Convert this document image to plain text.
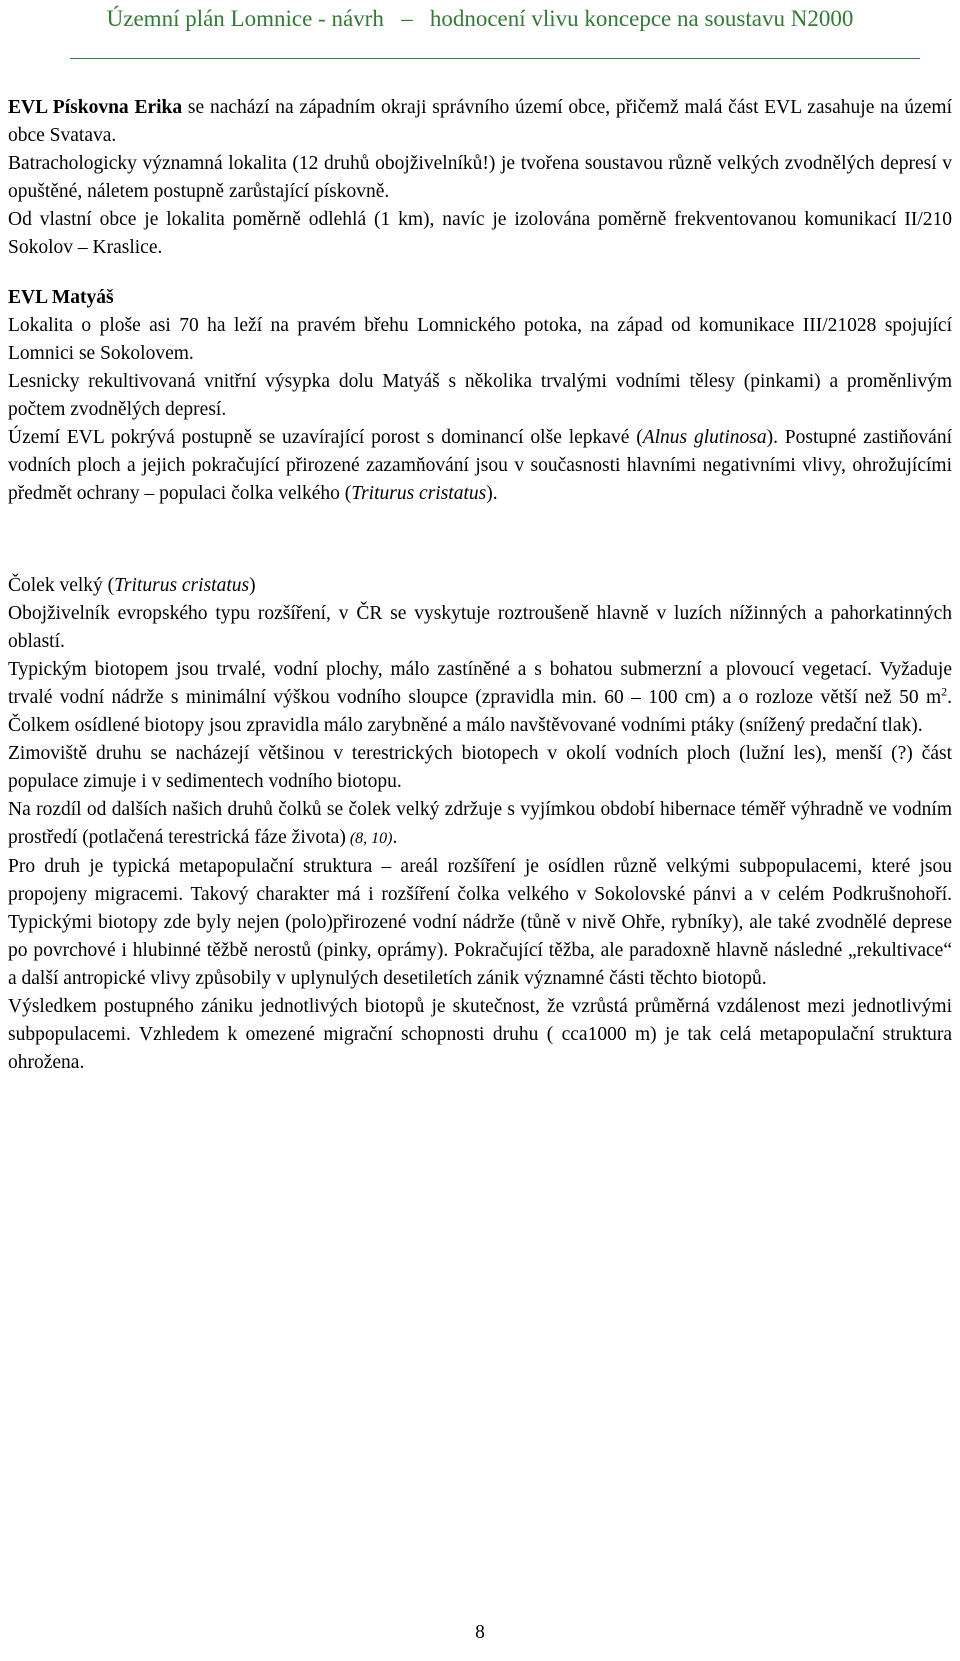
Územní plán Lomnice - návrh – hodnocení vlivu koncepce na soustavu N2000

EVL Pískovna Erika se nachází na západním okraji správního území obce, přičemž malá část EVL zasahuje na území obce Svatava.

Batrachologicky významná lokalita (12 druhů obojživelníků!) je tvořena soustavou různě velkých zvodnělých depresí v opuštěné, náletem postupně zarůstající pískovně.

Od vlastní obce je lokalita poměrně odlehlá (1 km), navíc je izolována poměrně frekventovanou komunikací II/210 Sokolov – Kraslice.

EVL Matyáš

Lokalita o ploše asi 70 ha leží na pravém břehu Lomnického potoka, na západ od komunikace III/21028 spojující Lomnici se Sokolovem.

Lesnicky rekultivovaná vnitřní výsypka dolu Matyáš s několika trvalými vodními tělesy (pinkami) a proměnlivým počtem zvodnělých depresí.

Území EVL pokrývá postupně se uzavírající porost s dominancí olše lepkavé (Alnus glutinosa). Postupné zastiňování vodních ploch a jejich pokračující přirozené zazamňování jsou v současnosti hlavními negativními vlivy, ohrožujícími předmět ochrany – populaci čolka velkého (Triturus cristatus).

Čolek velký (Triturus cristatus)

Obojživelník evropského typu rozšíření, v ČR se vyskytuje roztroušeně hlavně v luzích nížinných a pahorkatinných oblastí.

Typickým biotopem jsou trvalé, vodní plochy, málo zastíněné a s bohatou submerzní a plovoucí vegetací. Vyžaduje trvalé vodní nádrže s minimální výškou vodního sloupce (zpravidla min. 60 – 100 cm) a o rozloze větší než 50 $m^2$. Čolkem osídlené biotopy jsou zpravidla málo zarybněné a málo navštěvované vodními ptáky (snížený predační tlak).

Zimoviště druhu se nacházejí většinou v terestrických biotopech v okolí vodních ploch (lužní les), menší (?) část populace zimuje i v sedimentech vodního biotopu.

Na rozdíl od dalších našich druhů čolků se čolek velký zdržuje s vyjímkou období hibernace téměř výhradně ve vodním prostředí (potlačená terestrická fáze života) (8, 10).

Pro druh je typická metapopulační struktura – areál rozšíření je osídlen různě velkými subpopulacemi, které jsou propojeny migracemi. Takový charakter má i rozšíření čolka velkého v Sokolovské pánvi a v celém Podkrušnohoří. Typickými biotopy zde byly nejen (polo)přirozené vodní nádrže (tůně v nivě Ohře, rybníky), ale také zvodnělé deprese po povrchové i hlubinné těžbě nerostů (pinky, oprámy). Pokračující těžba, ale paradoxně hlavně následné „rekultivace“ a další antropické vlivy způsobily v uplynulých desetiletích zánik významné části těchto biotopů.

Výsledkem postupného zániku jednotlivých biotopů je skutečnost, že vzrůstá průměrná vzdálenost mezi jednotlivými subpopulacemi. Vzhledem k omezené migrační schopnosti druhu ( cca1000 m) je tak celá metapopulační struktura ohrožena.

8
